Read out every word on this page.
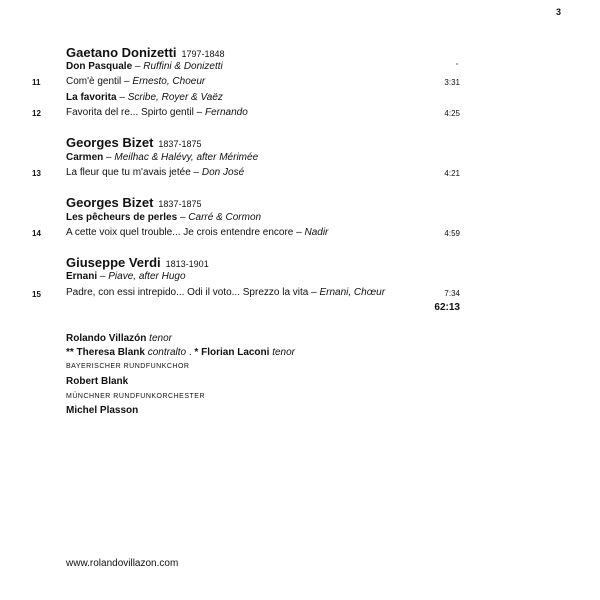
3
Gaetano Donizetti 1797-1848
Don Pasquale – Ruffini & Donizetti
11	Com'è gentil – Ernesto, Choeur	3:31
La favorita – Scribe, Royer & Vaëz
12	Favorita del re... Spirto gentil – Fernando	4:25
Georges Bizet 1837-1875
Carmen – Meilhac & Halévy, after Mérimée
13	La fleur que tu m'avais jetée – Don José	4:21
Georges Bizet 1837-1875
Les pêcheurs de perles – Carré & Cormon
14	A cette voix quel trouble... Je crois entendre encore – Nadir	4:59
Giuseppe Verdi 1813-1901
Ernani – Piave, after Hugo
15	Padre, con essi intrepido... Odi il voto... Sprezzo la vita – Ernani, Chœur	7:34
62:13
Rolando Villazón tenor
** Theresa Blank contralto . * Florian Laconi tenor
BAYERISCHER RUNDFUNKCHOR
Robert Blank
MÜNCHNER RUNDFUNKORCHESTER
Michel Plasson
www.rolandovillazon.com
